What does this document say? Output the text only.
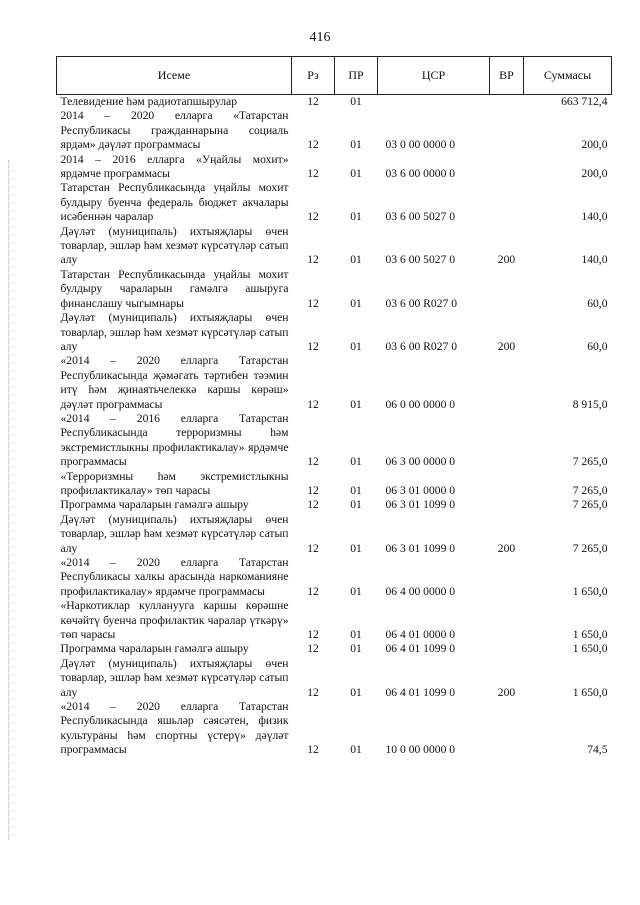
416
Исеме	Рз	ПР	ЦСР	ВР	Суммасы
Телевидение һәм радиотапшырулар	12	01			663 712,4
2014 – 2020 елларга «Татарстан Республикасы гражданнарына социаль ярдәм» дәүләт программасы	12	01	03 0 00 0000 0		200,0
2014 – 2016 елларга «Уңайлы мохит» ярдәмче программасы	12	01	03 6 00 0000 0		200,0
Татарстан Республикасында уңайлы мохит булдыру буенча федераль бюджет акчалары исәбеннән чаралар	12	01	03 6 00 5027 0		140,0
Дәүләт (муниципаль) ихтыяҗлары өчен товарлар, эшләр һәм хезмәт күрсәтүләр сатып алу	12	01	03 6 00 5027 0	200	140,0
Татарстан Республикасында уңайлы мохит булдыру чараларын гамәлгә ашыруга финанслашу чыгымнары	12	01	03 6 00 R027 0		60,0
Дәүләт (муниципаль) ихтыяҗлары өчен товарлар, эшләр һәм хезмәт күрсәтүләр сатып алу	12	01	03 6 00 R027 0	200	60,0
«2014 – 2020 елларга Татарстан Республикасында җәмәгать тәртибен тәэмин итү һәм җинаятьчелеккә каршы көрәш» дәүләт программасы	12	01	06 0 00 0000 0		8 915,0
«2014 – 2016 елларга Татарстан Республикасында терроризмны һәм экстремистлыкны профилактикалау» ярдәмче программасы	12	01	06 3 00 0000 0		7 265,0
«Терроризмны һәм экстремистлыкны профилактикалау» төп чарасы	12	01	06 3 01 0000 0		7 265,0
Программа чараларын гамәлгә ашыру	12	01	06 3 01 1099 0		7 265,0
Дәүләт (муниципаль) ихтыяҗлары өчен товарлар, эшләр һәм хезмәт күрсәтүләр сатып алу	12	01	06 3 01 1099 0	200	7 265,0
«2014 – 2020 елларга Татарстан Республикасы халкы арасында наркоманияне профилактикалау» ярдәмче программасы	12	01	06 4 00 0000 0		1 650,0
«Наркотиклар кулланууга каршы көрәшне көчәйтү буенча профилактик чаралар үткәрү» төп чарасы	12	01	06 4 01 0000 0		1 650,0
Программа чараларын гамәлгә ашыру	12	01	06 4 01 1099 0		1 650,0
Дәүләт (муниципаль) ихтыяҗлары өчен товарлар, эшләр һәм хезмәт күрсәтүләр сатып алу	12	01	06 4 01 1099 0	200	1 650,0
«2014 – 2020 елларга Татарстан Республикасында яшьләр сәясәтен, физик культураны һәм спортны үстерү» дәүләт программасы	12	01	10 0 00 0000 0		74,5
